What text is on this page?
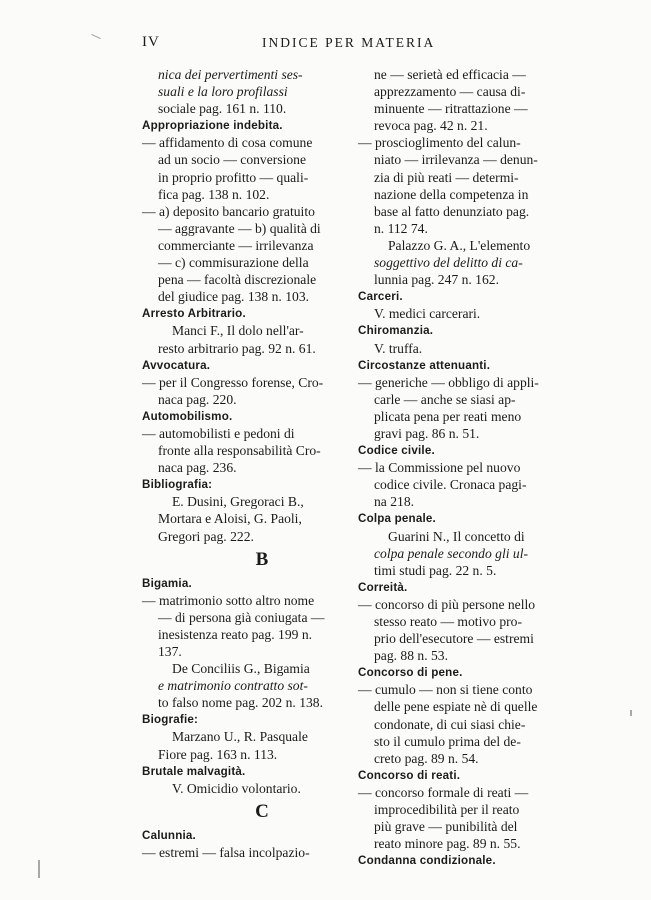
IV	INDICE PER MATERIA
nica dei pervertimenti ses-
suali e la loro profilassi
sociale pag. 161 n. 110.
Appropriazione indebita.
— affidamento di cosa comune
ad un socio — conversione
in proprio profitto — quali-
fica pag. 138 n. 102.
— a) deposito bancario gratuito
— aggravante — b) qualità di
commerciante — irrilevanza
— c) commisurazione della
pena — facoltà discrezionale
del giudice pag. 138 n. 103.
Arresto Arbitrario.
Manci F., Il dolo nell'ar-
resto arbitrario pag. 92 n. 61.
Avvocatura.
— per il Congresso forense, Cro-
naca pag. 220.
Automobilismo.
— automobilisti e pedoni di
fronte alla responsabilità Cro-
naca pag. 236.
Bibliografia:
E. Dusini, Gregoraci B.,
Mortara e Aloisi, G. Paoli,
Gregori pag. 222.
B
Bigamia.
— matrimonio sotto altro nome
— di persona già coniugata —
inesistenza reato pag. 199 n.
137.
De Conciliis G., Bigamia
e matrimonio contratto sot-
to falso nome pag. 202 n. 138.
Biografie:
Marzano U., R. Pasquale
Fiore pag. 163 n. 113.
Brutale malvagità.
V. Omicidio volontario.
C
Calunnia.
— estremi — falsa incolpazio-
ne — serietà ed efficacia —
apprezzamento — causa di-
minuente — ritrattazione —
revoca pag. 42 n. 21.
— proscioglimento del calun-
niato — irrilevanza — denun-
zia di più reati — determi-
nazione della competenza in
base al fatto denunziato pag.
n. 112 74.
Palazzo G. A., L'elemento
soggettivo del delitto di ca-
lunnia pag. 247 n. 162.
Carceri.
V. medici carcerari.
Chiromanzia.
V. truffa.
Circostanze attenuanti.
— generiche — obbligo di appli-
carle — anche se siasi ap-
plicata pena per reati meno
gravi pag. 86 n. 51.
Codice civile.
— la Commissione pel nuovo
codice civile. Cronaca pagi-
na 218.
Colpa penale.
Guarini N., Il concetto di
colpa penale secondo gli ul-
timi studi pag. 22 n. 5.
Correità.
— concorso di più persone nello
stesso reato — motivo pro-
prio dell'esecutore — estremi
pag. 88 n. 53.
Concorso di pene.
— cumulo — non si tiene conto
delle pene espiate nè di quelle
condonate, di cui siasi chie-
sto il cumulo prima del de-
creto pag. 89 n. 54.
Concorso di reati.
— concorso formale di reati —
improcedibilità per il reato
più grave — punibilità del
reato minore pag. 89 n. 55.
Condanna condizionale.
